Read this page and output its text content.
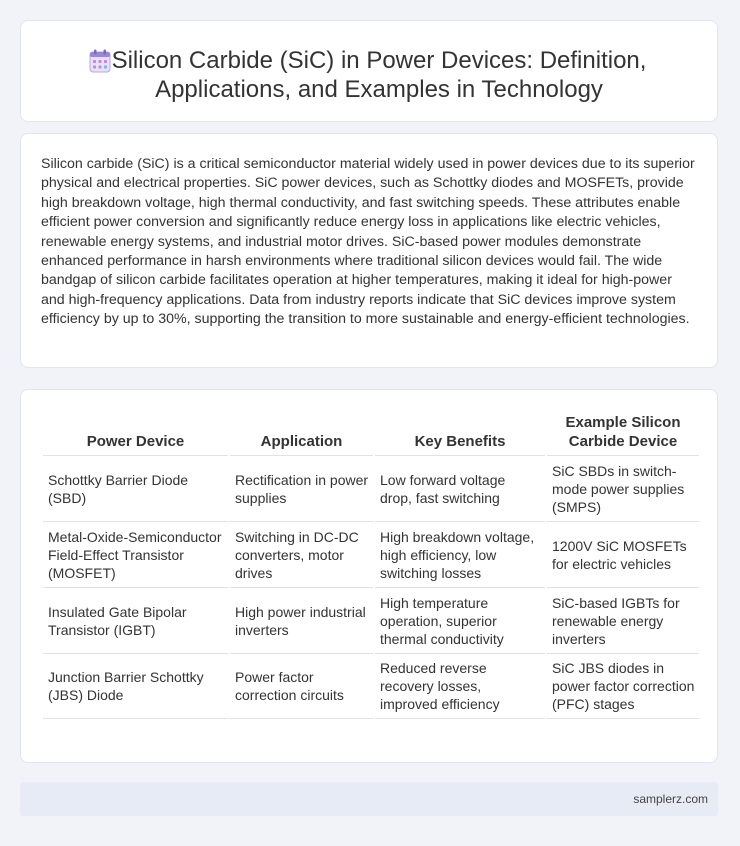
Silicon Carbide (SiC) in Power Devices: Definition, Applications, and Examples in Technology

Silicon carbide (SiC) is a critical semiconductor material widely used in power devices due to its superior physical and electrical properties. SiC power devices, such as Schottky diodes and MOSFETs, provide high breakdown voltage, high thermal conductivity, and fast switching speeds. These attributes enable efficient power conversion and significantly reduce energy loss in applications like electric vehicles, renewable energy systems, and industrial motor drives. SiC-based power modules demonstrate enhanced performance in harsh environments where traditional silicon devices would fail. The wide bandgap of silicon carbide facilitates operation at higher temperatures, making it ideal for high-power and high-frequency applications. Data from industry reports indicate that SiC devices improve system efficiency by up to 30%, supporting the transition to more sustainable and energy-efficient technologies.

Power Device	Application	Key Benefits	Example Silicon Carbide Device
Schottky Barrier Diode (SBD)	Rectification in power supplies	Low forward voltage drop, fast switching	SiC SBDs in switch-mode power supplies (SMPS)
Metal-Oxide-Semiconductor Field-Effect Transistor (MOSFET)	Switching in DC-DC converters, motor drives	High breakdown voltage, high efficiency, low switching losses	1200V SiC MOSFETs for electric vehicles
Insulated Gate Bipolar Transistor (IGBT)	High power industrial inverters	High temperature operation, superior thermal conductivity	SiC-based IGBTs for renewable energy inverters
Junction Barrier Schottky (JBS) Diode	Power factor correction circuits	Reduced reverse recovery losses, improved efficiency	SiC JBS diodes in power factor correction (PFC) stages
samplerz.com
